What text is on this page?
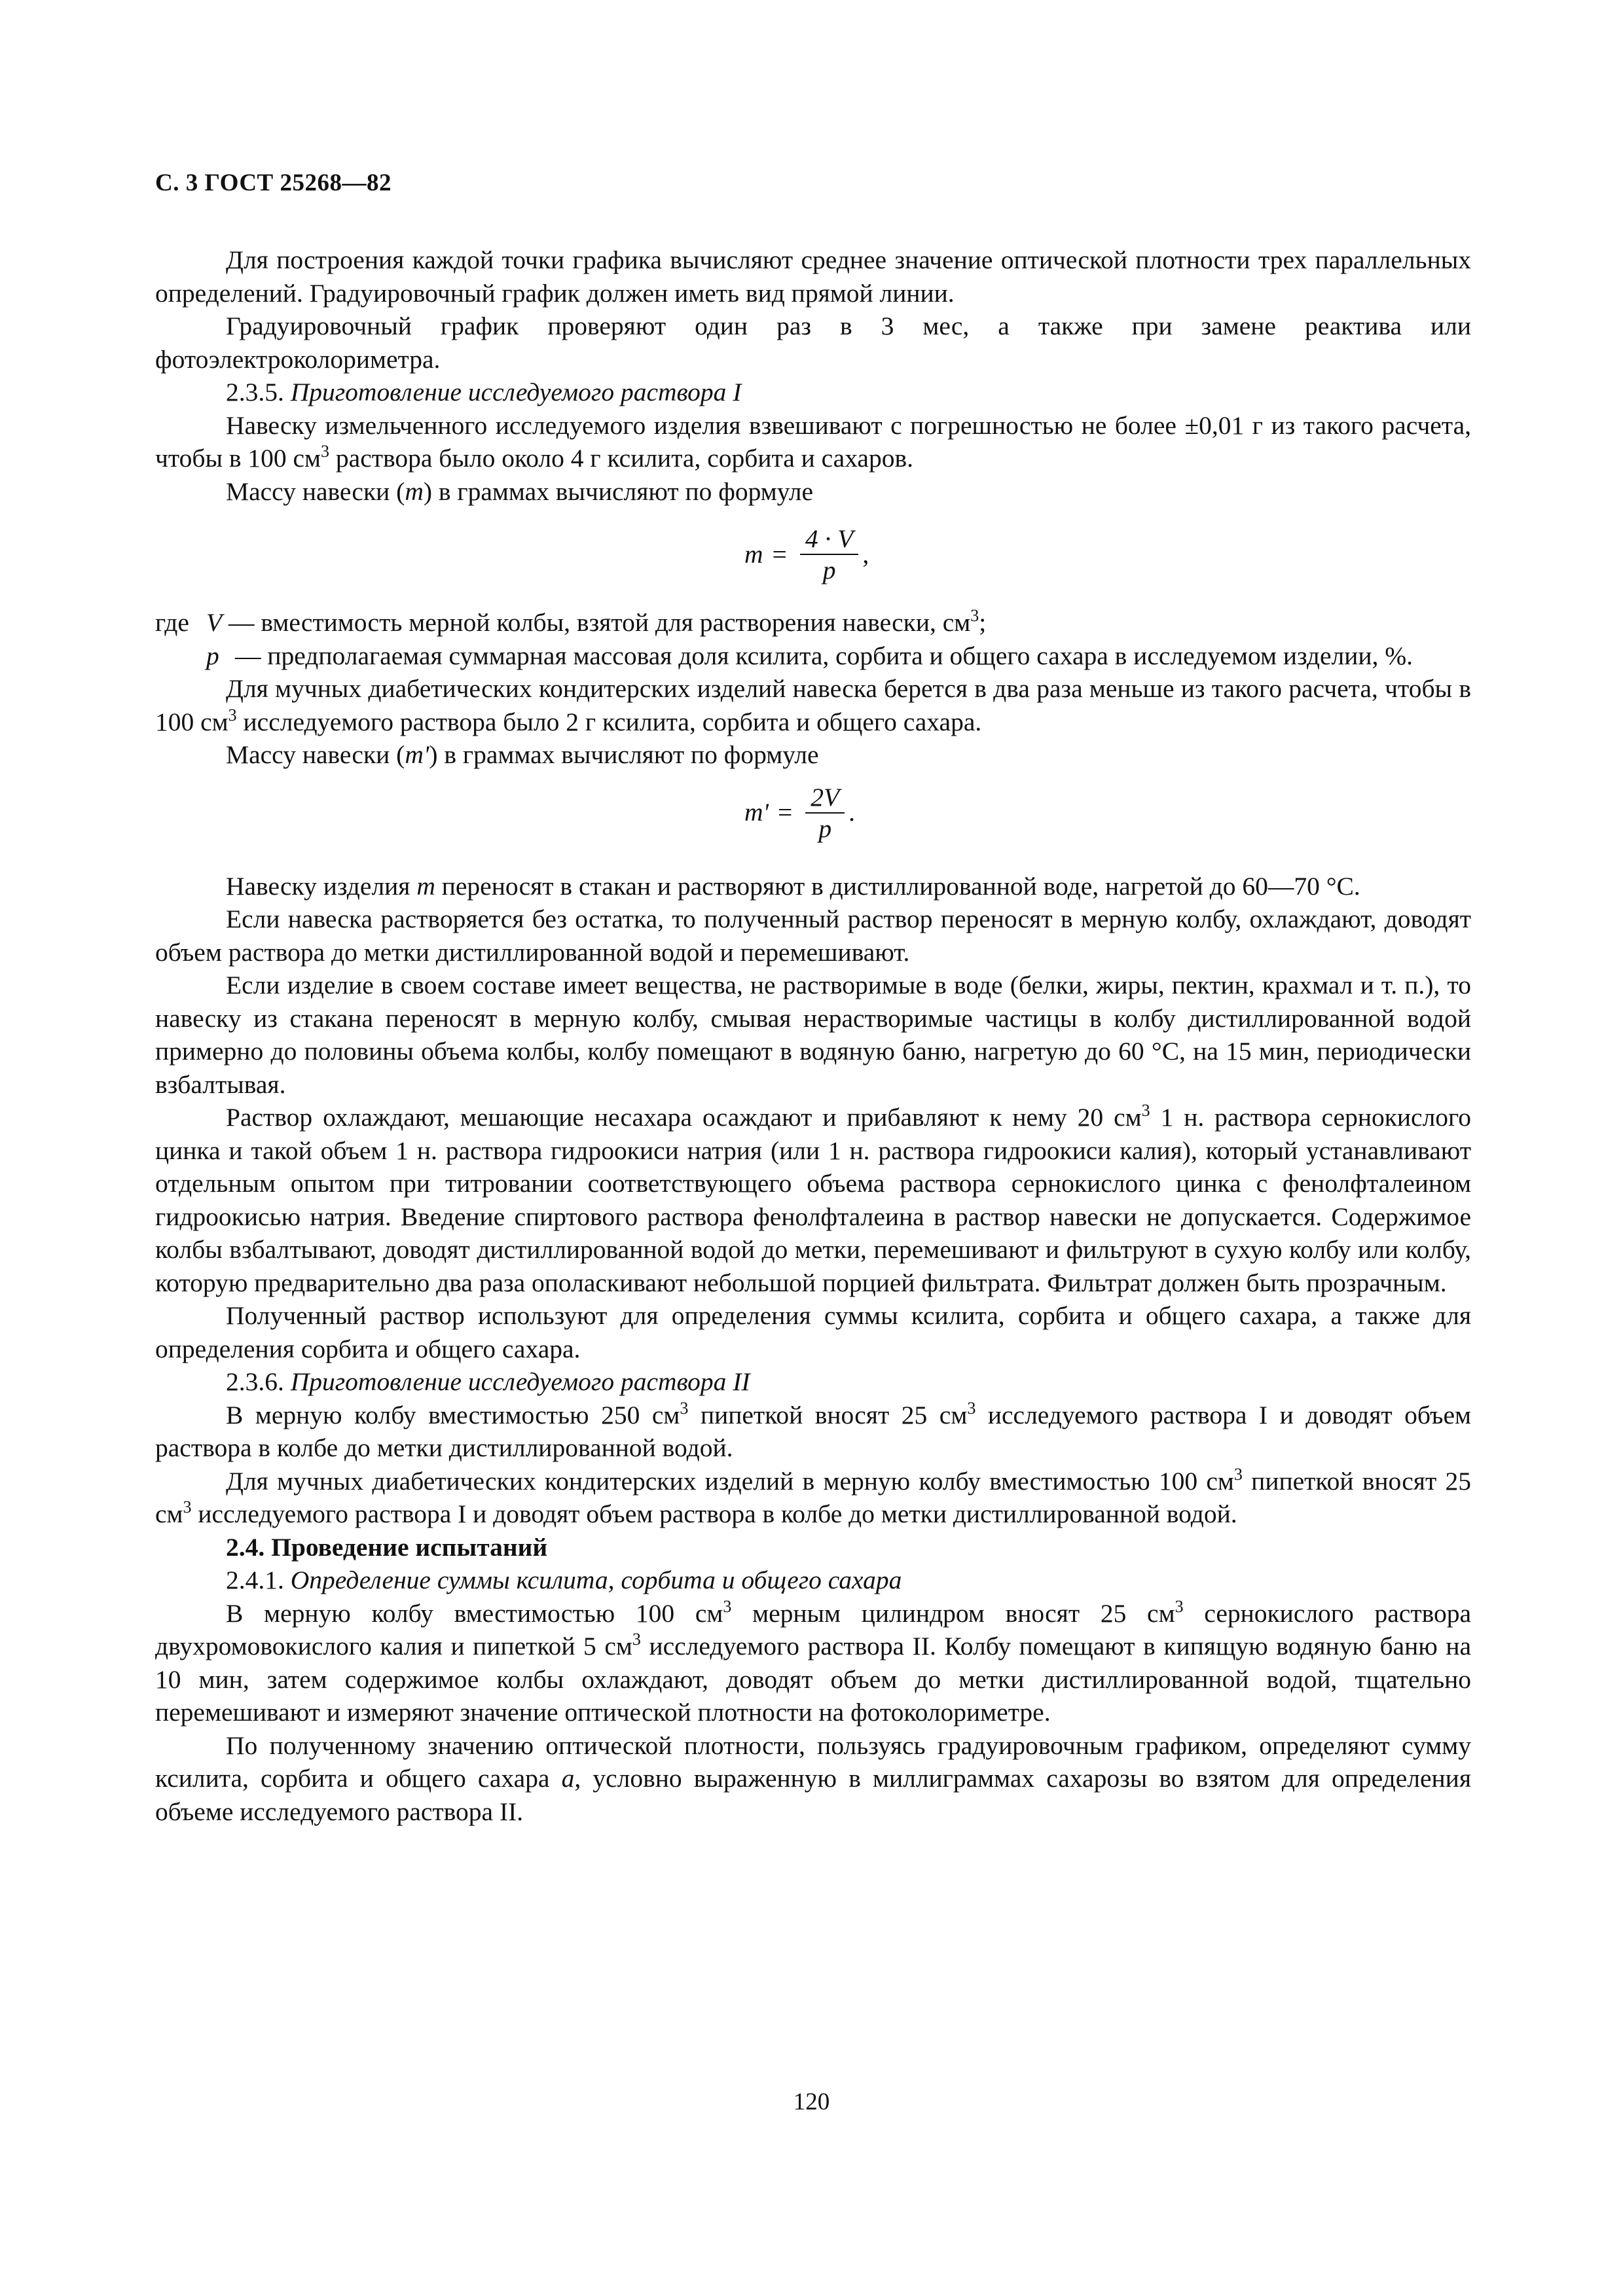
С. 3 ГОСТ 25268—82

Для построения каждой точки графика вычисляют среднее значение оптической плотности трех параллельных определений. Градуировочный график должен иметь вид прямой линии.

Градуировочный график проверяют один раз в 3 мес, а также при замене реактива или фотоэлектроколориметра.

2.3.5. Приготовление исследуемого раствора I

Навеску измельченного исследуемого изделия взвешивают с погрешностью не более ±0,01 г из такого расчета, чтобы в 100 $см^3$ раствора было около 4 г ксилита, сорбита и сахаров.

Массу навески (m) в граммах вычисляют по формуле

$m = \frac{4 \cdot V}{p}$ ,
где V — вместимость мерной колбы, взятой для растворения навески, $см^3$;
p — предполагаемая суммарная массовая доля ксилита, сорбита и общего сахара в исследуемом изделии, %.

Для мучных диабетических кондитерских изделий навеска берется в два раза меньше из такого расчета, чтобы в 100 $см^3$ исследуемого раствора было 2 г ксилита, сорбита и общего сахара.

Массу навески (m') в граммах вычисляют по формуле

$m' = \frac{2V}{p}$ .

Навеску изделия m переносят в стакан и растворяют в дистиллированной воде, нагретой до 60—70 °С.

Если навеска растворяется без остатка, то полученный раствор переносят в мерную колбу, охлаждают, доводят объем раствора до метки дистиллированной водой и перемешивают.

Если изделие в своем составе имеет вещества, не растворимые в воде (белки, жиры, пектин, крахмал и т. п.), то навеску из стакана переносят в мерную колбу, смывая нерастворимые частицы в колбу дистиллированной водой примерно до половины объема колбы, колбу помещают в водяную баню, нагретую до 60 °С, на 15 мин, периодически взбалтывая.

Раствор охлаждают, мешающие несахара осаждают и прибавляют к нему 20 $см^3$ 1 н. раствора сернокислого цинка и такой объем 1 н. раствора гидроокиси натрия (или 1 н. раствора гидроокиси калия), который устанавливают отдельным опытом при титровании соответствующего объема раствора сернокислого цинка с фенолфталеином гидроокисью натрия. Введение спиртового раствора фенолфталеина в раствор навески не допускается. Содержимое колбы взбалтывают, доводят дистиллированной водой до метки, перемешивают и фильтруют в сухую колбу или колбу, которую предварительно два раза ополаскивают небольшой порцией фильтрата. Фильтрат должен быть прозрачным.

Полученный раствор используют для определения суммы ксилита, сорбита и общего сахара, а также для определения сорбита и общего сахара.

2.3.6. Приготовление исследуемого раствора II

В мерную колбу вместимостью 250 $см^3$ пипеткой вносят 25 $см^3$ исследуемого раствора I и доводят объем раствора в колбе до метки дистиллированной водой.

Для мучных диабетических кондитерских изделий в мерную колбу вместимостью 100 $см^3$ пипеткой вносят 25 $см^3$ исследуемого раствора I и доводят объем раствора в колбе до метки дистиллированной водой.

2.4. Проведение испытаний

2.4.1. Определение суммы ксилита, сорбита и общего сахара

В мерную колбу вместимостью 100 $см^3$ мерным цилиндром вносят 25 $см^3$ сернокислого раствора двухромовокислого калия и пипеткой 5 $см^3$ исследуемого раствора II. Колбу помещают в кипящую водяную баню на 10 мин, затем содержимое колбы охлаждают, доводят объем до метки дистиллированной водой, тщательно перемешивают и измеряют значение оптической плотности на фотоколориметре.

По полученному значению оптической плотности, пользуясь градуировочным графиком, определяют сумму ксилита, сорбита и общего сахара a, условно выраженную в миллиграммах сахарозы во взятом для определения объеме исследуемого раствора II.

120
